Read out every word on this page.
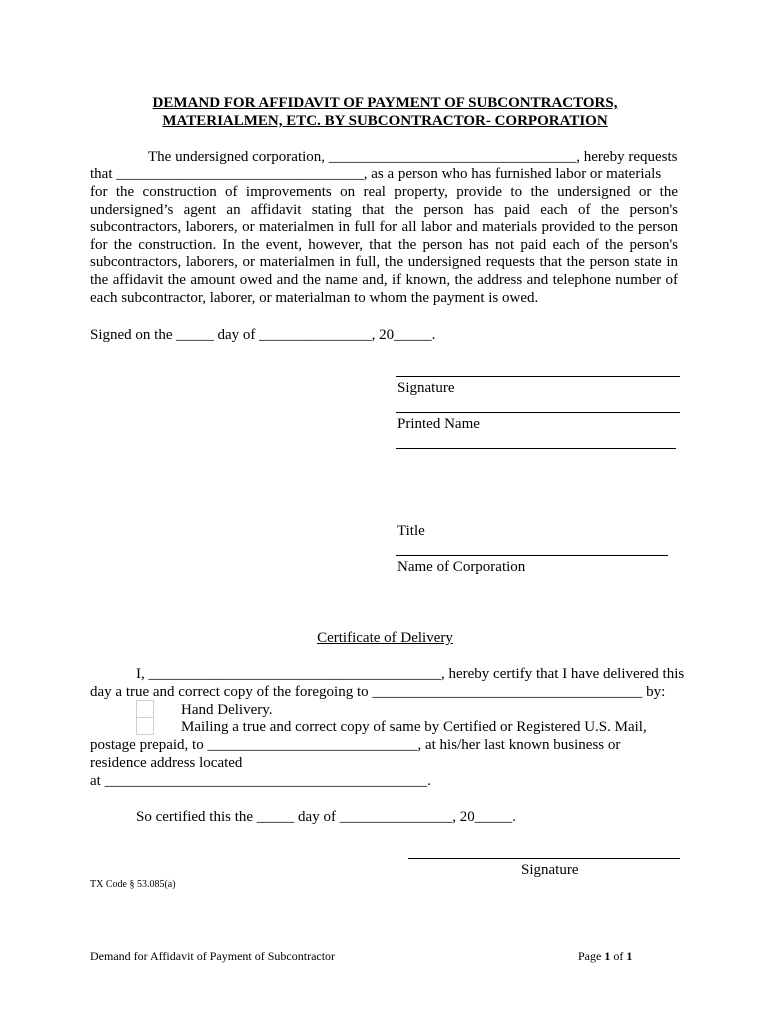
DEMAND FOR AFFIDAVIT OF PAYMENT OF SUBCONTRACTORS,
MATERIALMEN, ETC. BY SUBCONTRACTOR- CORPORATION
The undersigned corporation, _________________________________, hereby requests
that _________________________________, as a person who has furnished labor or materials
for the construction of improvements on real property, provide to the undersigned or the undersigned’s agent an affidavit stating that the person has paid each of the person's subcontractors, laborers, or materialmen in full for all labor and materials provided to the person for the construction. In the event, however, that the person has not paid each of the person's subcontractors, laborers, or materialmen in full, the undersigned requests that the person state in the affidavit the amount owed and the name and, if known, the address and telephone number of each subcontractor, laborer, or materialman to whom the payment is owed.
Signed on the _____ day of _______________, 20_____.
Signature
Printed Name
Title
Name of Corporation
Certificate of Delivery
I, _______________________________________, hereby certify that I have delivered this
day a true and correct copy of the foregoing to ____________________________________ by:
Hand Delivery.
Mailing a true and correct copy of same by Certified or Registered U.S. Mail,
postage prepaid, to ____________________________, at his/her last known business or
residence address located
at ___________________________________________.
So certified this the _____ day of _______________, 20_____.
Signature
TX Code § 53.085(a)
Demand for Affidavit of Payment of Subcontractor	Page 1 of 1
